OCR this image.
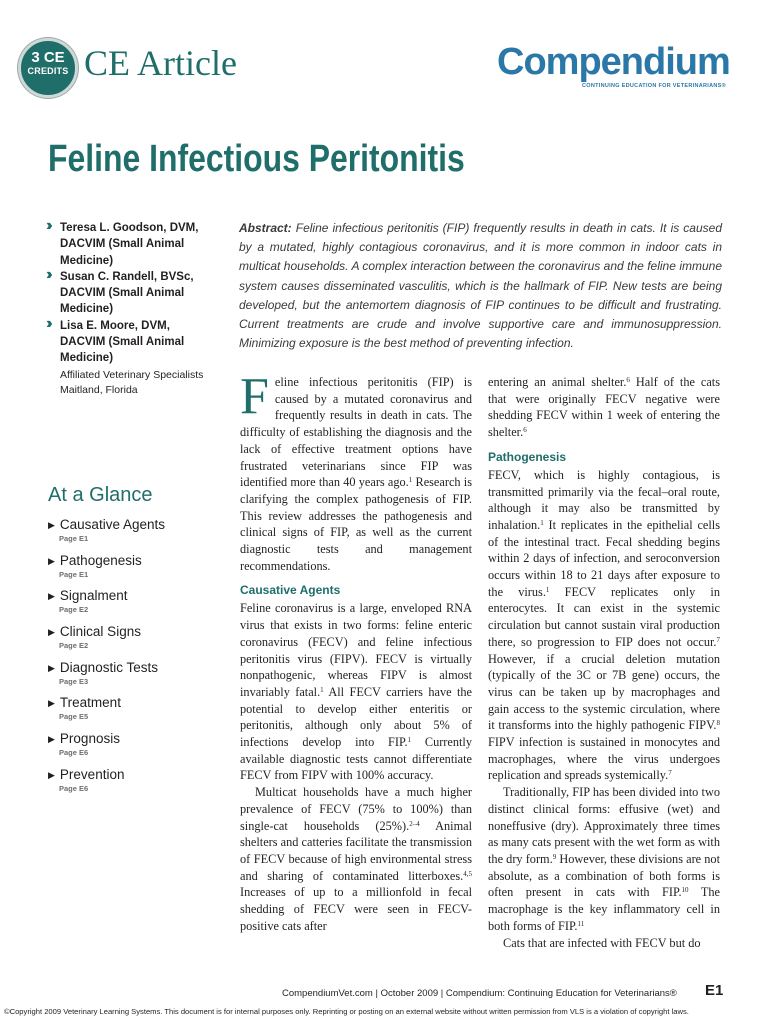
3 CE
CREDITS CE Article	Compendium
CONTINUING EDUCATION FOR VETERINARIANS®
Feline Infectious Peritonitis
›› Teresa L. Goodson, DVM,
DACVIM (Small Animal
Medicine)
›› Susan C. Randell, BVSc,
DACVIM (Small Animal
Medicine)
›› Lisa E. Moore, DVM,
DACVIM (Small Animal
Medicine)
Affiliated Veterinary Specialists
Maitland, Florida
At a Glance
▶ Causative Agents
Page E1
▶ Pathogenesis
Page E1
▶ Signalment
Page E2
▶ Clinical Signs
Page E2
▶ Diagnostic Tests
Page E3
▶ Treatment
Page E5
▶ Prognosis
Page E6
▶ Prevention
Page E6
Abstract: Feline infectious peritonitis (FIP) frequently results in death in cats. It is caused by a mutated, highly contagious coronavirus, and it is more common in indoor cats in multicat households. A complex interaction between the coronavirus and the feline immune system causes disseminated vasculitis, which is the hallmark of FIP. New tests are being developed, but the antemortem diagnosis of FIP continues to be difficult and frustrating. Current treatments are crude and involve supportive care and immunosuppression. Minimizing exposure is the best method of preventing infection.

Feline infectious peritonitis (FIP) is caused by a mutated coronavirus and frequently results in death in cats. The difficulty of establishing the diagnosis and the lack of effective treatment options have frustrated veterinarians since FIP was identified more than 40 years ago.$^1$ Research is clarifying the complex pathogenesis of FIP. This review addresses the pathogenesis and clinical signs of FIP, as well as the current diagnostic tests and management recommendations.

Causative Agents

Feline coronavirus is a large, enveloped RNA virus that exists in two forms: feline enteric coronavirus (FECV) and feline infectious peritonitis virus (FIPV). FECV is virtually nonpathogenic, whereas FIPV is almost invariably fatal.$^1$ All FECV carriers have the potential to develop either enteritis or peritonitis, although only about 5% of infections develop into FIP.$^1$ Currently available diagnostic tests cannot differentiate FECV from FIPV with 100% accuracy.

Multicat households have a much higher prevalence of FECV (75% to 100%) than single-cat households (25%).$^{2-4}$ Animal shelters and catteries facilitate the transmission of FECV because of high environmental stress and sharing of contaminated litterboxes.$^{4,5}$ Increases of up to a millionfold in fecal shedding of FECV were seen in FECV-positive cats after

entering an animal shelter.$^6$ Half of the cats that were originally FECV negative were shedding FECV within 1 week of entering the shelter.$^6$

Pathogenesis

FECV, which is highly contagious, is transmitted primarily via the fecal–oral route, although it may also be transmitted by inhalation.$^1$ It replicates in the epithelial cells of the intestinal tract. Fecal shedding begins within 2 days of infection, and seroconversion occurs within 18 to 21 days after exposure to the virus.$^1$ FECV replicates only in enterocytes. It can exist in the systemic circulation but cannot sustain viral production there, so progression to FIP does not occur.$^7$ However, if a crucial deletion mutation (typically of the 3C or 7B gene) occurs, the virus can be taken up by macrophages and gain access to the systemic circulation, where it transforms into the highly pathogenic FIPV.$^8$ FIPV infection is sustained in monocytes and macrophages, where the virus undergoes replication and spreads systemically.$^7$

Traditionally, FIP has been divided into two distinct clinical forms: effusive (wet) and noneffusive (dry). Approximately three times as many cats present with the wet form as with the dry form.$^9$ However, these divisions are not absolute, as a combination of both forms is often present in cats with FIP.$^{10}$ The macrophage is the key inflammatory cell in both forms of FIP.$^{11}$

Cats that are infected with FECV but do

CompendiumVet.com | October 2009 | Compendium: Continuing Education for Veterinarians® E1
©Copyright 2009 Veterinary Learning Systems. This document is for internal purposes only. Reprinting or posting on an external website without written permission from VLS is a violation of copyright laws.
